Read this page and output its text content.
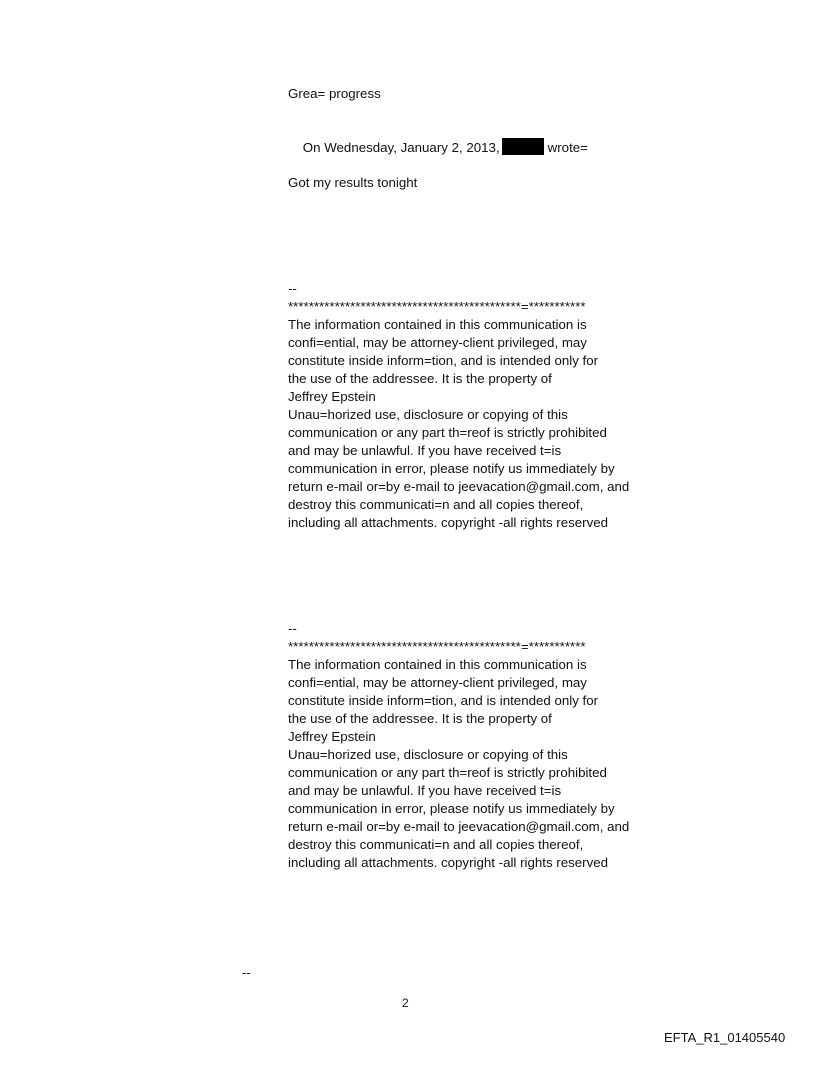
Grea= progress

On Wednesday, January 2, 2013,	wrote=

Got my results tonight
--
*********************************************=***********
The information contained in this communication is
confi=ential, may be attorney-client privileged, may
constitute inside inform=tion, and is intended only for
the use of the addressee. It is the property of
Jeffrey Epstein
Unau=horized use, disclosure or copying of this
communication or any part th=reof is strictly prohibited
and may be unlawful. If you have received t=is
communication in error, please notify us immediately by
return e-mail or=by e-mail to jeevacation@gmail.com, and
destroy this communicati=n and all copies thereof,
including all attachments. copyright -all rights reserved
--
*********************************************=***********
The information contained in this communication is
confi=ential, may be attorney-client privileged, may
constitute inside inform=tion, and is intended only for
the use of the addressee. It is the property of
Jeffrey Epstein
Unau=horized use, disclosure or copying of this
communication or any part th=reof is strictly prohibited
and may be unlawful. If you have received t=is
communication in error, please notify us immediately by
return e-mail or=by e-mail to jeevacation@gmail.com, and
destroy this communicati=n and all copies thereof,
including all attachments. copyright -all rights reserved
--
2
EFTA_R1_01405540
